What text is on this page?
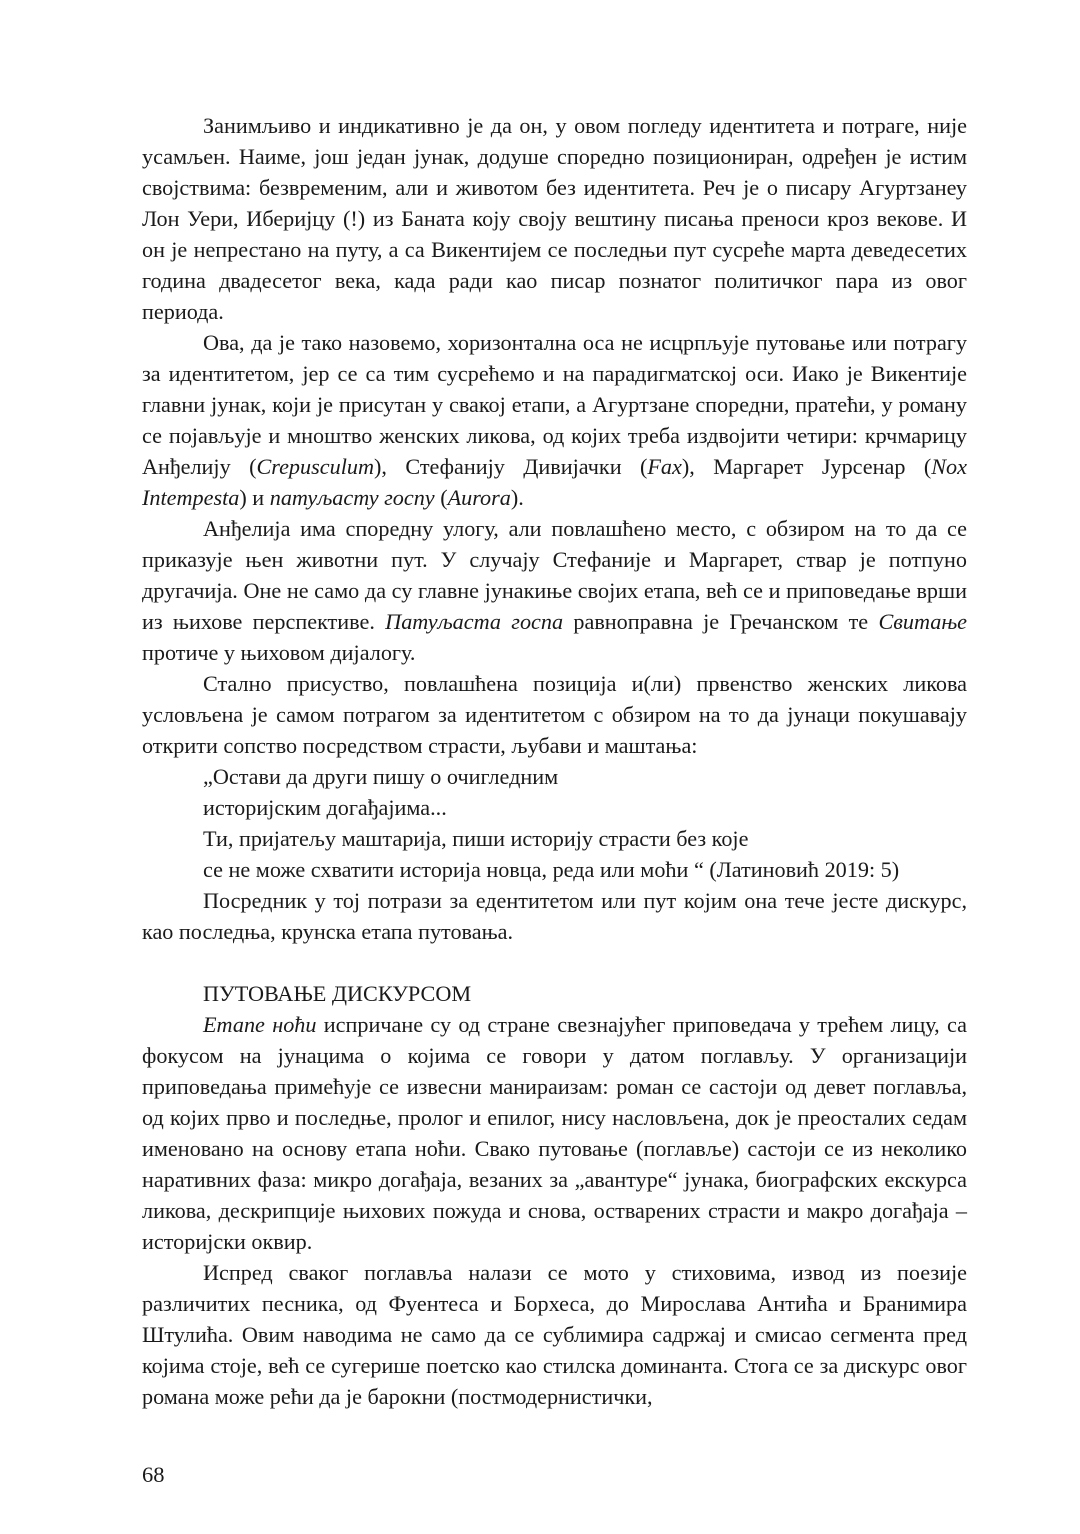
Занимљиво и индикативно је да он, у овом погледу идентитета и потраге, није усамљен. Наиме, још један јунак, додуше споредно позициониран, одређен је истим својствима: безвременим, али и животом без идентитета. Реч је о писару Агуртзанеу Лон Уери, Иберијцу (!) из Баната коју своју вештину писања преноси кроз векове. И он је непрестано на путу, а са Викентијем се последњи пут сусреће марта деведесетих година двадесетог века, када ради као писар познатог политичког пара из овог периода.

Ова, да је тако назовемо, хоризонтална оса не исцрпљује путовање или потрагу за идентитетом, јер се са тим сусрећемо и на парадигматској оси. Иако је Викентије главни јунак, који је присутан у свакој етапи, а Агуртзане споредни, пратећи, у роману се појављује и мноштво женских ликова, од којих треба издвојити четири: крчмарицу Анђелију (Crepusculum), Стефанију Дивијачки (Fax), Маргарет Јурсенар (Nox Intempesta) и патуљасту госпу (Aurora).

Анђелија има споредну улогу, али повлашћено место, с обзиром на то да се приказује њен животни пут. У случају Стефаније и Маргарет, ствар је потпуно другачија. Оне не само да су главне јунакиње својих етапа, већ се и приповедање врши из њихове перспективе. Патуљаста госпа равноправна је Гречанском те Свитање протиче у њиховом дијалогу.

Стално присуство, повлашћена позиција и(ли) првенство женских ликова условљена је самом потрагом за идентитетом с обзиром на то да јунаци покушавају открити сопство посредством страсти, љубави и маштања:

„Остави да други пишу о очигледним
историјским догађајима...
Ти, пријатељу маштарија, пиши историју страсти без које
се не може схватити историја новца, реда или моћи “ (Латиновић 2019: 5)

Посредник у тој потрази за едентитетом или пут којим она тече јесте дискурс, као последња, крунска етапа путовања.

ПУТОВАЊЕ ДИСКУРСОМ

Етапе ноћи испричане су од стране свезнајућег приповедача у трећем лицу, са фокусом на јунацима о којима се говори у датом поглављу. У организацији приповедања примећује се извесни манирaизам: роман се састоји од девет поглавља, од којих прво и последње, пролог и епилог, нису насловљена, док је преосталих седам именовано на основу етапа ноћи. Свако путовање (поглавље) састоји се из неколико наративних фаза: микро догађаја, везаних за „авантуре“ јунака, биографских екскурса ликова, дескрипције њихових пожуда и снова, остварених страсти и макро догађаја – историјски оквир.

Испред сваког поглавља налази се мото у стиховима, извод из поезије различитих песника, од Фуентеса и Борхеса, до Мирослава Антића и Бранимира Штулића. Овим наводима не само да се сублимира садржај и смисао сегмента пред којима стоје, већ се сугерише поетско као стилска доминанта. Стога се за дискурс овог романа може рећи да је барокни (постмодернистички,

68
